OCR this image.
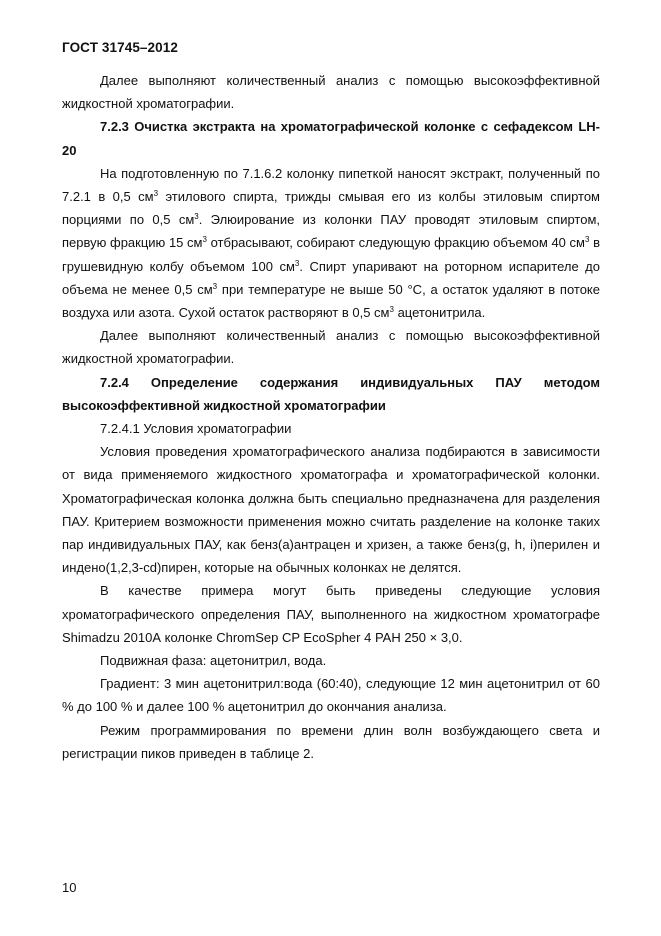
ГОСТ 31745–2012

Далее выполняют количественный анализ с помощью высокоэффективной жидкостной хроматографии.

7.2.3 Очистка экстракта на хроматографической колонке с сефадексом LH-20

На подготовленную по 7.1.6.2 колонку пипеткой наносят экстракт, полученный по 7.2.1 в 0,5 $см^3$ этилового спирта, трижды смывая его из колбы этиловым спиртом порциями по 0,5 $см^3$. Элюирование из колонки ПАУ проводят этиловым спиртом, первую фракцию 15 $см^3$ отбрасывают, собирают следующую фракцию объемом 40 $см^3$ в грушевидную колбу объемом 100 $см^3$. Спирт упаривают на роторном испарителе до объема не менее 0,5 $см^3$ при температуре не выше 50 °С, а остаток удаляют в потоке воздуха или азота. Сухой остаток растворяют в 0,5 $см^3$ ацетонитрила.

Далее выполняют количественный анализ с помощью высокоэффективной жидкостной хроматографии.

7.2.4 Определение содержания индивидуальных ПАУ методом высокоэффективной жидкостной хроматографии

7.2.4.1 Условия хроматографии

Условия проведения хроматографического анализа подбираются в зависимости от вида применяемого жидкостного хроматографа и хроматографической колонки. Хроматографическая колонка должна быть специально предназначена для разделения ПАУ. Критерием возможности применения можно считать разделение на колонке таких пар индивидуальных ПАУ, как бенз(а)антрацен и хризен, а также бенз(g, h, i)перилен и индено(1,2,3-cd)пирен, которые на обычных колонках не делятся.

В качестве примера могут быть приведены следующие условия хроматографического определения ПАУ, выполненного на жидкостном хроматографе Shimadzu 2010А колонке ChromSep CP EcoSpher 4 PAH 250 × 3,0.

Подвижная фаза: ацетонитрил, вода.

Градиент: 3 мин ацетонитрил:вода (60:40), следующие 12 мин ацетонитрил от 60 % до 100 % и далее 100 % ацетонитрил до окончания анализа.

Режим программирования по времени длин волн возбуждающего света и регистрации пиков приведен в таблице 2.

10
